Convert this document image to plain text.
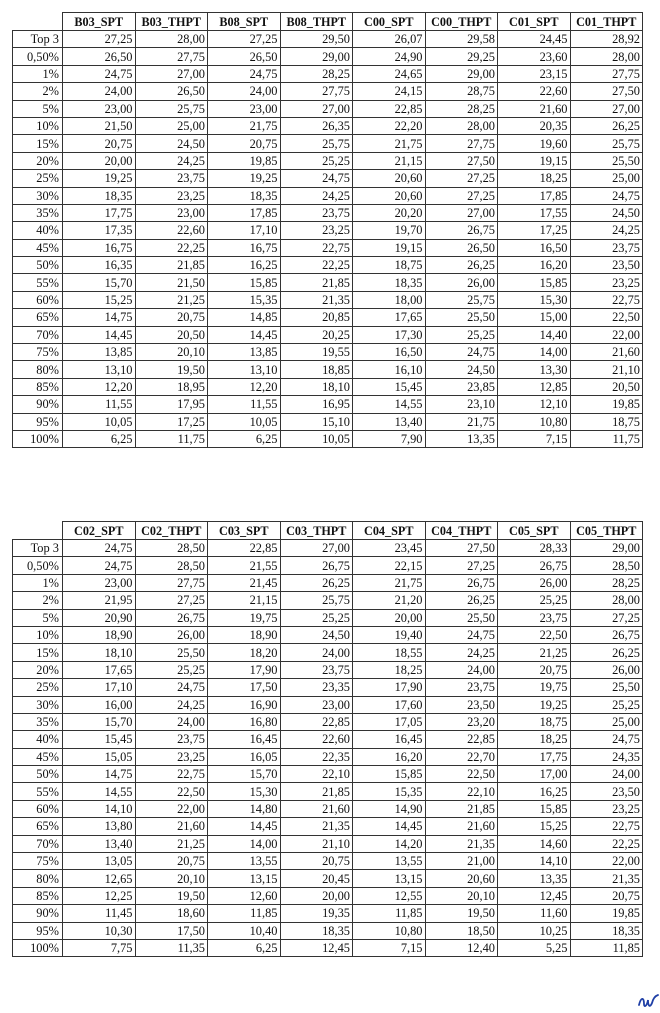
	B03_SPT	B03_THPT	B08_SPT	B08_THPT	C00_SPT	C00_THPT	C01_SPT	C01_THPT
Top 3	27,25	28,00	27,25	29,50	26,07	29,58	24,45	28,92
0,50%	26,50	27,75	26,50	29,00	24,90	29,25	23,60	28,00
1%	24,75	27,00	24,75	28,25	24,65	29,00	23,15	27,75
2%	24,00	26,50	24,00	27,75	24,15	28,75	22,60	27,50
5%	23,00	25,75	23,00	27,00	22,85	28,25	21,60	27,00
10%	21,50	25,00	21,75	26,35	22,20	28,00	20,35	26,25
15%	20,75	24,50	20,75	25,75	21,75	27,75	19,60	25,75
20%	20,00	24,25	19,85	25,25	21,15	27,50	19,15	25,50
25%	19,25	23,75	19,25	24,75	20,60	27,25	18,25	25,00
30%	18,35	23,25	18,35	24,25	20,60	27,25	17,85	24,75
35%	17,75	23,00	17,85	23,75	20,20	27,00	17,55	24,50
40%	17,35	22,60	17,10	23,25	19,70	26,75	17,25	24,25
45%	16,75	22,25	16,75	22,75	19,15	26,50	16,50	23,75
50%	16,35	21,85	16,25	22,25	18,75	26,25	16,20	23,50
55%	15,70	21,50	15,85	21,85	18,35	26,00	15,85	23,25
60%	15,25	21,25	15,35	21,35	18,00	25,75	15,30	22,75
65%	14,75	20,75	14,85	20,85	17,65	25,50	15,00	22,50
70%	14,45	20,50	14,45	20,25	17,30	25,25	14,40	22,00
75%	13,85	20,10	13,85	19,55	16,50	24,75	14,00	21,60
80%	13,10	19,50	13,10	18,85	16,10	24,50	13,30	21,10
85%	12,20	18,95	12,20	18,10	15,45	23,85	12,85	20,50
90%	11,55	17,95	11,55	16,95	14,55	23,10	12,10	19,85
95%	10,05	17,25	10,05	15,10	13,40	21,75	10,80	18,75
100%	6,25	11,75	6,25	10,05	7,90	13,35	7,15	11,75
	C02_SPT	C02_THPT	C03_SPT	C03_THPT	C04_SPT	C04_THPT	C05_SPT	C05_THPT
Top 3	24,75	28,50	22,85	27,00	23,45	27,50	28,33	29,00
0,50%	24,75	28,50	21,55	26,75	22,15	27,25	26,75	28,50
1%	23,00	27,75	21,45	26,25	21,75	26,75	26,00	28,25
2%	21,95	27,25	21,15	25,75	21,20	26,25	25,25	28,00
5%	20,90	26,75	19,75	25,25	20,00	25,50	23,75	27,25
10%	18,90	26,00	18,90	24,50	19,40	24,75	22,50	26,75
15%	18,10	25,50	18,20	24,00	18,55	24,25	21,25	26,25
20%	17,65	25,25	17,90	23,75	18,25	24,00	20,75	26,00
25%	17,10	24,75	17,50	23,35	17,90	23,75	19,75	25,50
30%	16,00	24,25	16,90	23,00	17,60	23,50	19,25	25,25
35%	15,70	24,00	16,80	22,85	17,05	23,20	18,75	25,00
40%	15,45	23,75	16,45	22,60	16,45	22,85	18,25	24,75
45%	15,05	23,25	16,05	22,35	16,20	22,70	17,75	24,35
50%	14,75	22,75	15,70	22,10	15,85	22,50	17,00	24,00
55%	14,55	22,50	15,30	21,85	15,35	22,10	16,25	23,50
60%	14,10	22,00	14,80	21,60	14,90	21,85	15,85	23,25
65%	13,80	21,60	14,45	21,35	14,45	21,60	15,25	22,75
70%	13,40	21,25	14,00	21,10	14,20	21,35	14,60	22,25
75%	13,05	20,75	13,55	20,75	13,55	21,00	14,10	22,00
80%	12,65	20,10	13,15	20,45	13,15	20,60	13,35	21,35
85%	12,25	19,50	12,60	20,00	12,55	20,10	12,45	20,75
90%	11,45	18,60	11,85	19,35	11,85	19,50	11,60	19,85
95%	10,30	17,50	10,40	18,35	10,80	18,50	10,25	18,35
100%	7,75	11,35	6,25	12,45	7,15	12,40	5,25	11,85
